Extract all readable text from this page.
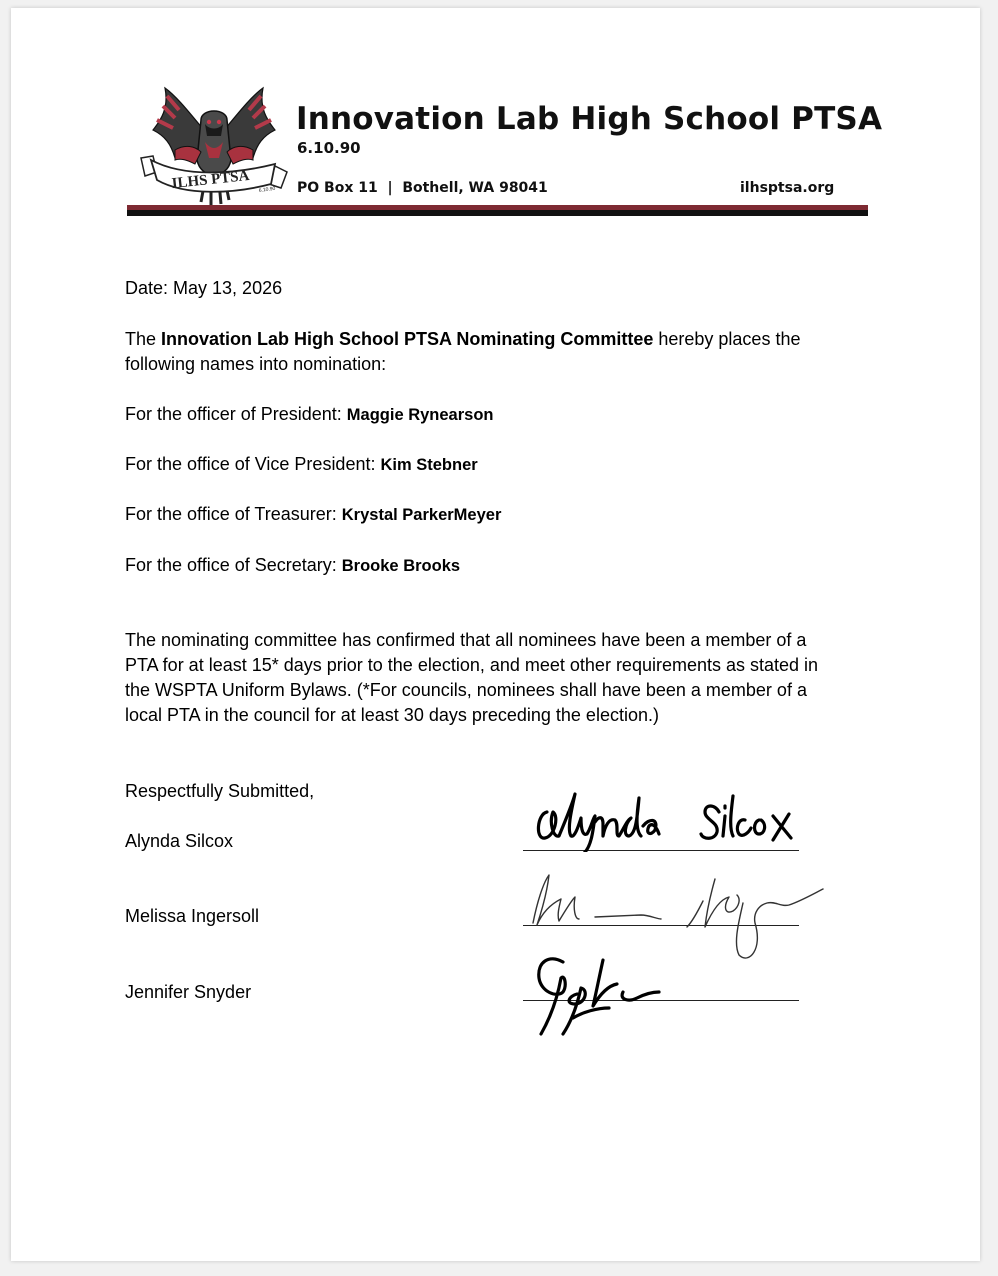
ILHS PTSA 6.10.90
Innovation Lab High School PTSA
6.10.90
PO Box 11  |  Bothell, WA 98041	ilhsptsa.org
Date: May 13, 2026
The Innovation Lab High School PTSA Nominating Committee hereby places the
following names into nomination:
For the officer of President: Maggie Rynearson
For the office of Vice President: Kim Stebner
For the office of Treasurer: Krystal ParkerMeyer
For the office of Secretary: Brooke Brooks
The nominating committee has confirmed that all nominees have been a member of a
PTA for at least 15* days prior to the election, and meet other requirements as stated in
the WSPTA Uniform Bylaws. (*For councils, nominees shall have been a member of a
local PTA in the council for at least 30 days preceding the election.)
Respectfully Submitted,
Alynda Silcox
Melissa Ingersoll
Jennifer Snyder
